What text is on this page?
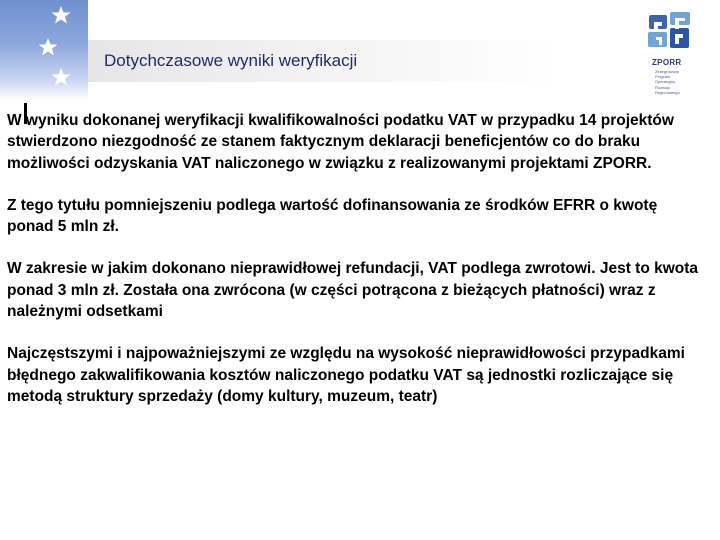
Dotychczasowe wyniki weryfikacji	ZPORR
Zintegrowany
Program
Operacyjny
Rozwoju
Regionalnego

W wyniku dokonanej weryfikacji kwalifikowalności podatku VAT w przypadku 14 projektów stwierdzono niezgodność ze stanem faktycznym deklaracji beneficjentów co do braku możliwości odzyskania VAT naliczonego w związku z realizowanymi projektami ZPORR.

Z tego tytułu pomniejszeniu podlega wartość dofinansowania ze środków EFRR o kwotę ponad 5 mln zł.

W zakresie w jakim dokonano nieprawidłowej refundacji, VAT podlega zwrotowi. Jest to kwota ponad 3 mln zł. Została ona zwrócona (w części potrącona z bieżących płatności) wraz z należnymi odsetkami

Najczęstszymi i najpoważniejszymi ze względu na wysokość nieprawidłowości przypadkami błędnego zakwalifikowania kosztów naliczonego podatku VAT są jednostki rozliczające się metodą struktury sprzedaży (domy kultury, muzeum, teatr)
